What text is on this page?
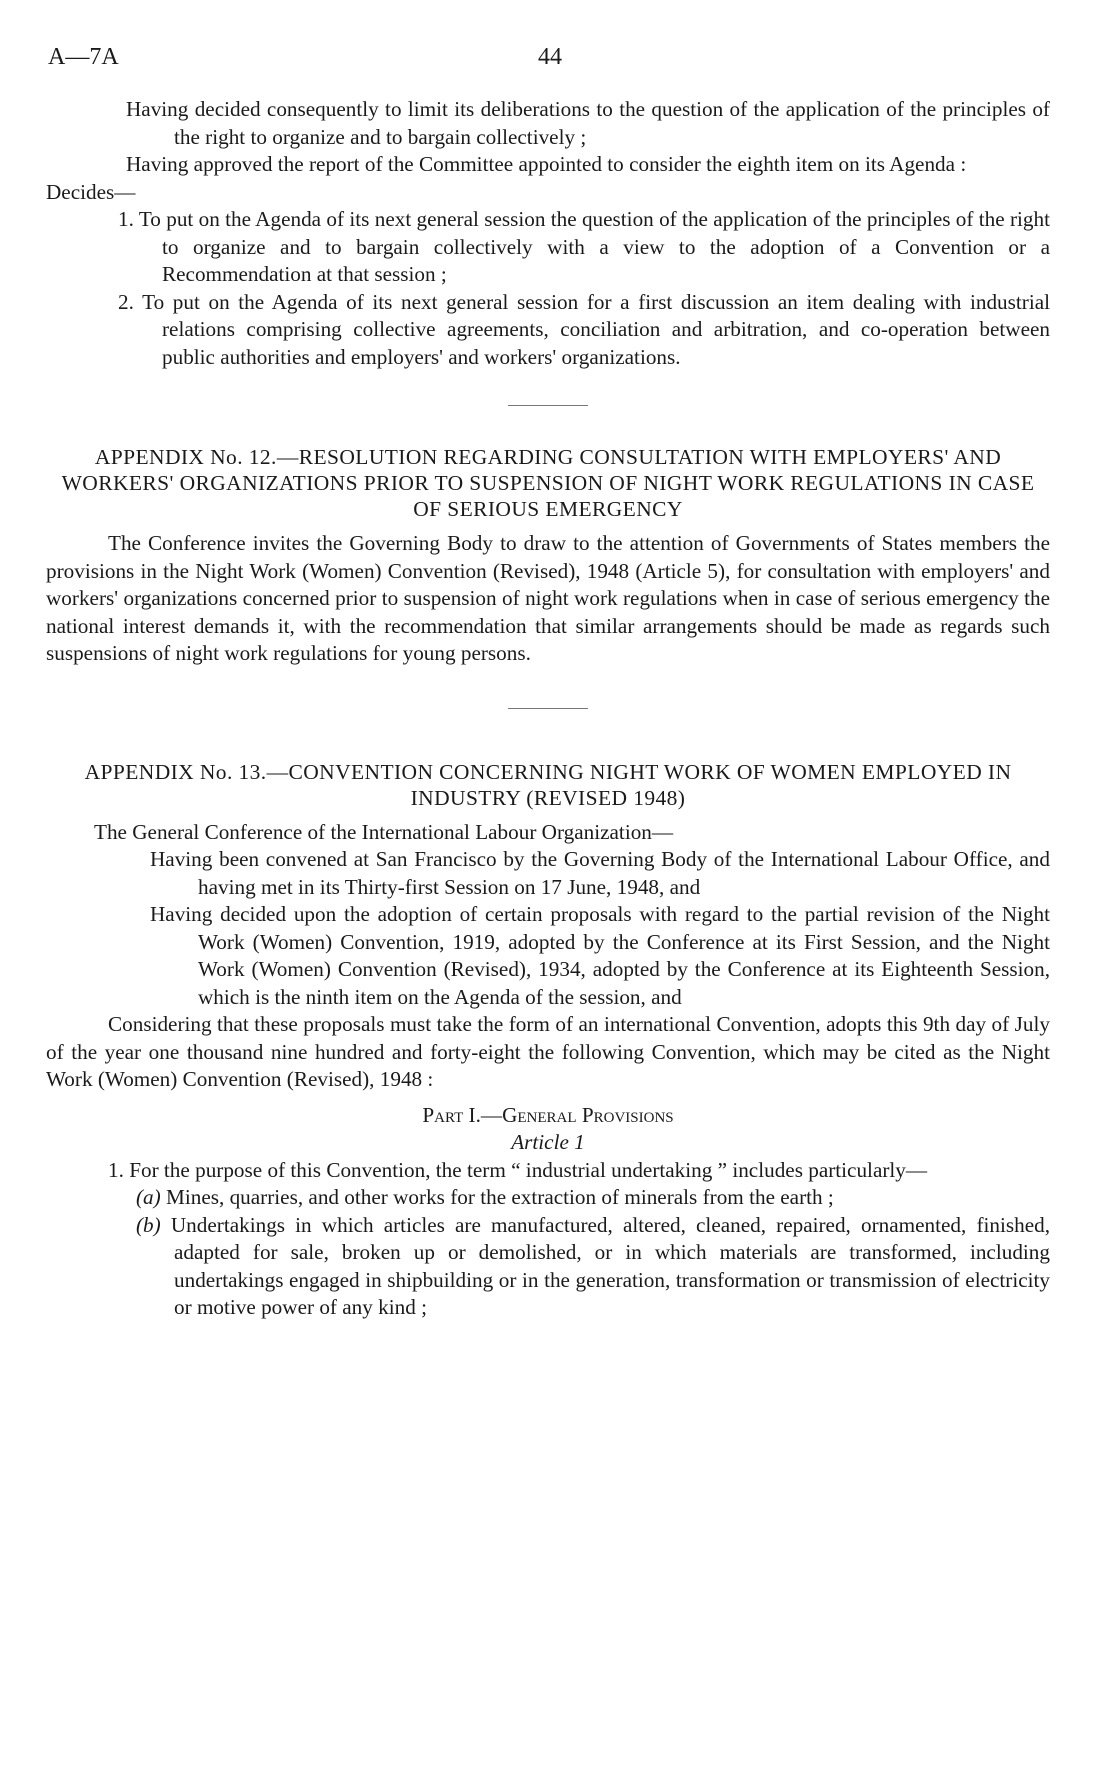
A—7A	44

Having decided consequently to limit its deliberations to the question of the application of the principles of the right to organize and to bargain collectively ;

Having approved the report of the Committee appointed to consider the eighth item on its Agenda :

Decides—

1. To put on the Agenda of its next general session the question of the application of the principles of the right to organize and to bargain collectively with a view to the adoption of a Convention or a Recommendation at that session ;

2. To put on the Agenda of its next general session for a first discussion an item dealing with industrial relations comprising collective agreements, conciliation and arbitration, and co-operation between public authorities and employers' and workers' organizations.

APPENDIX No. 12.—RESOLUTION REGARDING CONSULTATION WITH EMPLOYERS' AND WORKERS' ORGANIZATIONS PRIOR TO SUSPENSION OF NIGHT WORK REGULATIONS IN CASE OF SERIOUS EMERGENCY

The Conference invites the Governing Body to draw to the attention of Governments of States members the provisions in the Night Work (Women) Convention (Revised), 1948 (Article 5), for consultation with employers' and workers' organizations concerned prior to suspension of night work regulations when in case of serious emergency the national interest demands it, with the recommendation that similar arrangements should be made as regards such suspensions of night work regulations for young persons.

APPENDIX No. 13.—CONVENTION CONCERNING NIGHT WORK OF WOMEN EMPLOYED IN INDUSTRY (REVISED 1948)

The General Conference of the International Labour Organization—

Having been convened at San Francisco by the Governing Body of the International Labour Office, and having met in its Thirty-first Session on 17 June, 1948, and

Having decided upon the adoption of certain proposals with regard to the partial revision of the Night Work (Women) Convention, 1919, adopted by the Conference at its First Session, and the Night Work (Women) Convention (Revised), 1934, adopted by the Conference at its Eighteenth Session, which is the ninth item on the Agenda of the session, and

Considering that these proposals must take the form of an international Convention, adopts this 9th day of July of the year one thousand nine hundred and forty-eight the following Convention, which may be cited as the Night Work (Women) Convention (Revised), 1948 :

Part I.—General Provisions

Article 1

1. For the purpose of this Convention, the term “ industrial undertaking ” includes particularly—

(a) Mines, quarries, and other works for the extraction of minerals from the earth ;

(b) Undertakings in which articles are manufactured, altered, cleaned, repaired, ornamented, finished, adapted for sale, broken up or demolished, or in which materials are transformed, including undertakings engaged in shipbuilding or in the generation, transformation or transmission of electricity or motive power of any kind ;
